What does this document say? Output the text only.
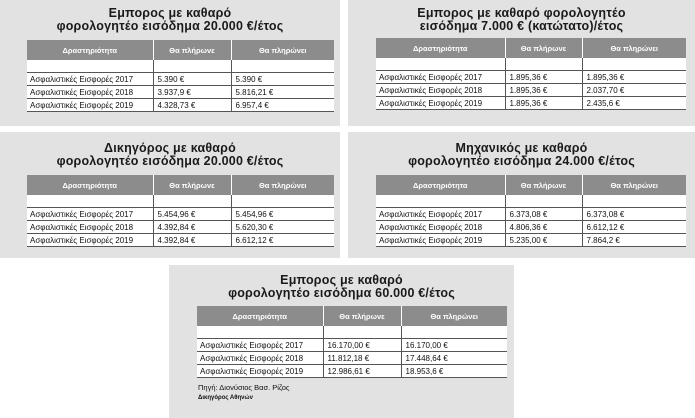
Εμπορος με καθαρό
φορολογητέο εισόδημα 20.000 €/έτος
Δραστηριότητα	Θα πλήρωνε	Θα πληρώνει

Ασφαλιστικές Εισφορές 2017	5.390 €	5.390 €
Ασφαλιστικές Εισφορές 2018	3.937,9 €	5.816,21 €
Ασφαλιστικές Εισφορές 2019	4.328,73 €	6.957,4 €
Εμπορος με καθαρό φορολογητέο
εισόδημα 7.000 € (κατώτατο)/έτος
Δραστηριότητα	Θα πλήρωνε	Θα πληρώνει

Ασφαλιστικές Εισφορές 2017	1.895,36 €	1.895,36 €
Ασφαλιστικές Εισφορές 2018	1.895,36 €	2.037,70 €
Ασφαλιστικές Εισφορές 2019	1.895,36 €	2.435,6 €
Δικηγόρος με καθαρό
φορολογητέο εισόδημα 20.000 €/έτος
Δραστηριότητα	Θα πλήρωνε	Θα πληρώνει

Ασφαλιστικές Εισφορές 2017	5.454,96 €	5.454,96 €
Ασφαλιστικές Εισφορές 2018	4.392,84 €	5.620,30 €
Ασφαλιστικές Εισφορές 2019	4.392,84 €	6.612,12 €
Μηχανικός με καθαρό
φορολογητέο εισόδημα 24.000 €/έτος
Δραστηριότητα	Θα πλήρωνε	Θα πληρώνει

Ασφαλιστικές Εισφορές 2017	6.373,08 €	6.373,08 €
Ασφαλιστικές Εισφορές 2018	4.806,36 €	6.612,12 €
Ασφαλιστικές Εισφορές 2019	5.235,00 €	7.864,2 €
Εμπορος με καθαρό
φορολογητέο εισόδημα 60.000 €/έτος
Δραστηριότητα	Θα πλήρωνε	Θα πληρώνει

Ασφαλιστικές Εισφορές 2017	16.170,00 €	16.170,00 €
Ασφαλιστικές Εισφορές 2018	11.812,18 €	17.448,64 €
Ασφαλιστικές Εισφορές 2019	12.986,61 €	18.953,6 €
Πηγή: Διονύσιος Βασ. Ρίζος
Δικηγόρος Αθηνών
